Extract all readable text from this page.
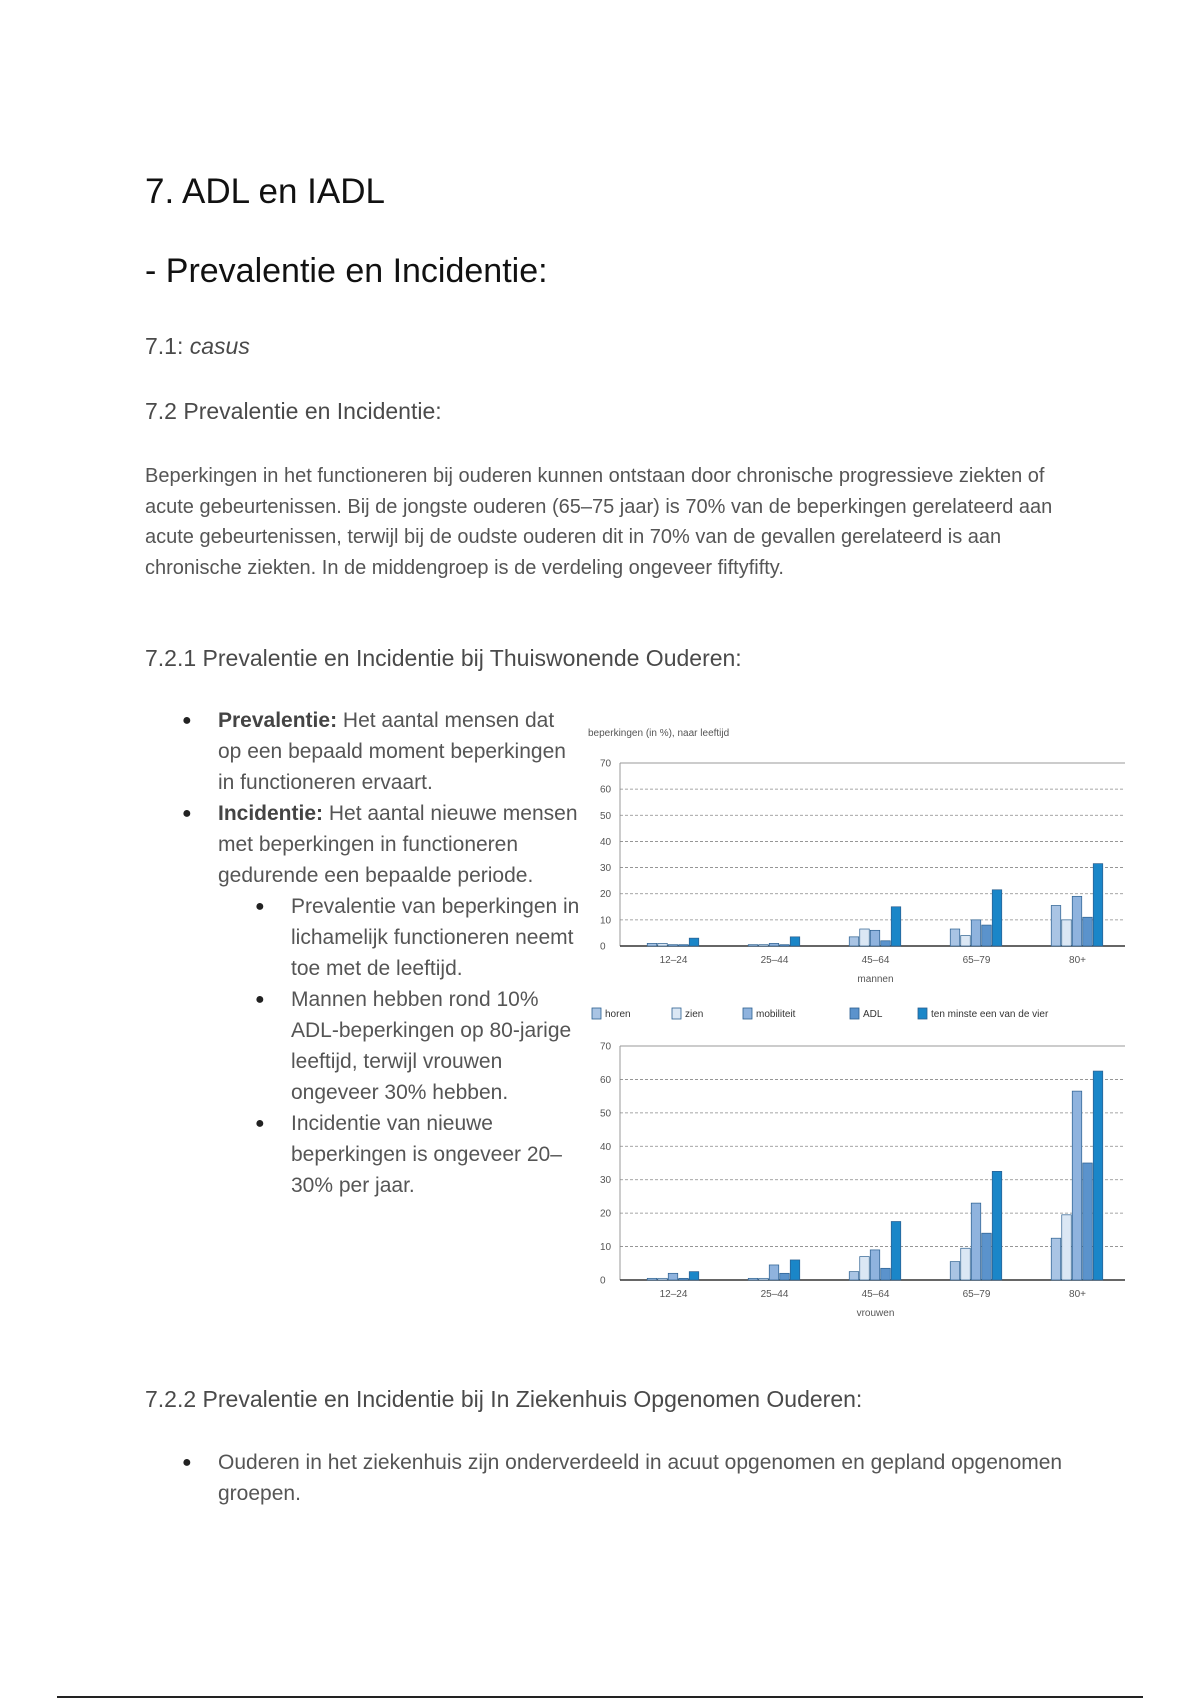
7. ADL en IADL
- Prevalentie en Incidentie:
7.1: casus
7.2 Prevalentie en Incidentie:

Beperkingen in het functioneren bij ouderen kunnen ontstaan door chronische progressieve ziekten of acute gebeurtenissen. Bij de jongste ouderen (65–75 jaar) is 70% van de beperkingen gerelateerd aan acute gebeurtenissen, terwijl bij de oudste ouderen dit in 70% van de gevallen gerelateerd is aan chronische ziekten. In de middengroep is de verdeling ongeveer fiftyfifty.

7.2.1 Prevalentie en Incidentie bij Thuiswonende Ouderen:
● Prevalentie: Het aantal mensen dat op een bepaald moment beperkingen in functioneren ervaart.
● Incidentie: Het aantal nieuwe mensen met beperkingen in functioneren gedurende een bepaalde periode.
● Prevalentie van beperkingen in lichamelijk functioneren neemt toe met de leeftijd.
● Mannen hebben rond 10% ADL-beperkingen op 80-jarige leeftijd, terwijl vrouwen ongeveer 30% hebben.
● Incidentie van nieuwe beperkingen is ongeveer 20–30% per jaar.
beperkingen (in %), naar leeftijd
0
10
20
30
40
50
60
70
12–24	25–44	45–64	65–79	80+
mannen
horen	zien	mobiliteit	ADL	ten minste een van de vier
0
10
20
30
40
50
60
70
12–24	25–44	45–64	65–79	80+
vrouwen
7.2.2 Prevalentie en Incidentie bij In Ziekenhuis Opgenomen Ouderen:
● Ouderen in het ziekenhuis zijn onderverdeeld in acuut opgenomen en gepland opgenomen groepen.
